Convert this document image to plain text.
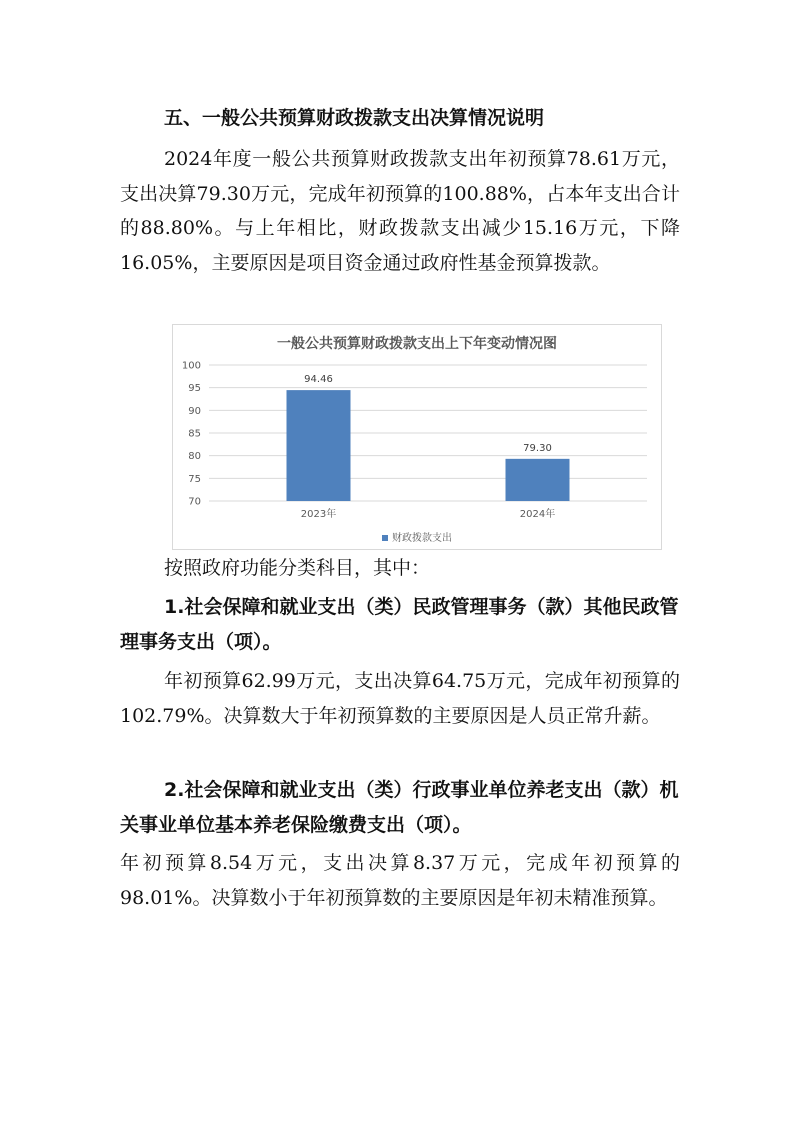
五、一般公共预算财政拨款支出决算情况说明

2024年度一般公共预算财政拨款支出年初预算78.61万元，支出决算79.30万元，完成年初预算的100.88%，占本年支出合计的88.80%。与上年相比，财政拨款支出减少15.16万元，下降16.05%，主要原因是项目资金通过政府性基金预算拨款。

一般公共预算财政拨款支出上下年变动情况图
70
75
80
85
90
95
100
94.46
2023年
79.30
2024年
财政拨款支出

按照政府功能分类科目，其中：

1.社会保障和就业支出（类）民政管理事务（款）其他民政管理事务支出（项）。

年初预算62.99万元，支出决算64.75万元，完成年初预算的102.79%。决算数大于年初预算数的主要原因是人员正常升薪。

2.社会保障和就业支出（类）行政事业单位养老支出（款）机关事业单位基本养老保险缴费支出（项）。

年初预算8.54万元，支出决算8.37万元，完成年初预算的98.01%。决算数小于年初预算数的主要原因是年初未精准预算。
